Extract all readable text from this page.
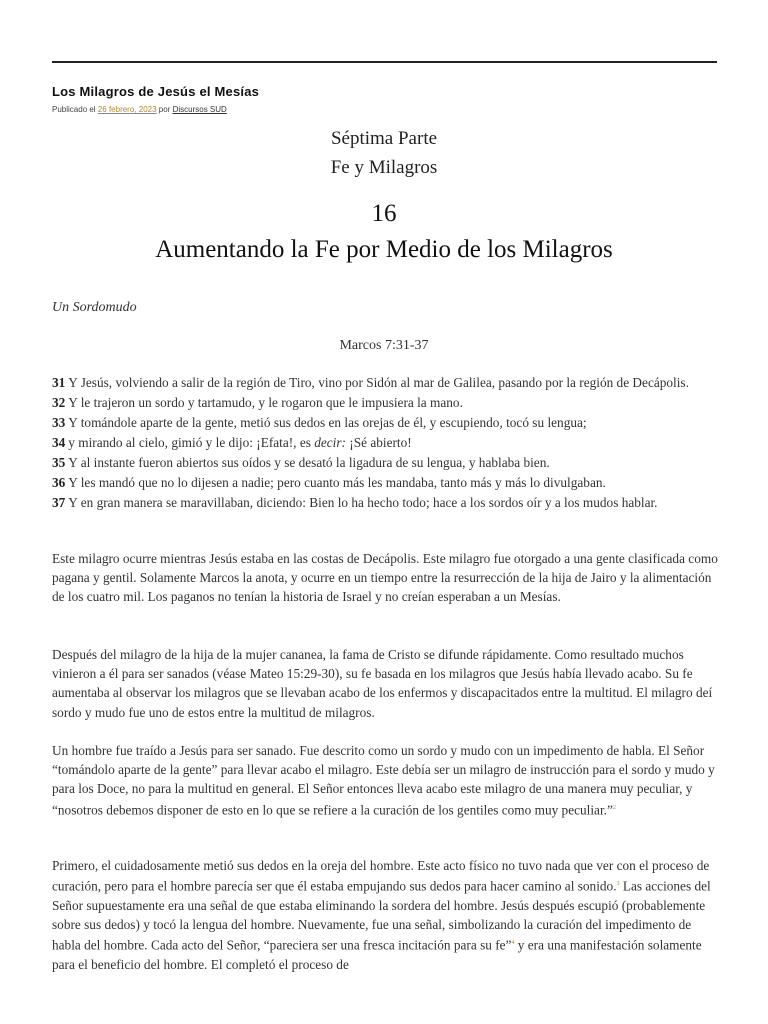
Los Milagros de Jesús el Mesías
Publicado el 26 febrero, 2023 por Discursos SUD

Séptima Parte

Fe y Milagros

16

Aumentando la Fe por Medio de los Milagros
Un Sordomudo
Marcos 7:31-37

31 Y Jesús, volviendo a salir de la región de Tiro, vino por Sidón al mar de Galilea, pasando por la región de Decápolis.

32 Y le trajeron un sordo y tartamudo, y le rogaron que le impusiera la mano.

33 Y tomándole aparte de la gente, metió sus dedos en las orejas de él, y escupiendo, tocó su lengua;

34 y mirando al cielo, gimió y le dijo: ¡Efata!, es decir: ¡Sé abierto!

35 Y al instante fueron abiertos sus oídos y se desató la ligadura de su lengua, y hablaba bien.

36 Y les mandó que no lo dijesen a nadie; pero cuanto más les mandaba, tanto más y más lo divulgaban.

37 Y en gran manera se maravillaban, diciendo: Bien lo ha hecho todo; hace a los sordos oír y a los mudos hablar.

Este milagro ocurre mientras Jesús estaba en las costas de Decápolis. Este milagro fue otorgado a una gente clasificada como pagana y gentil. Solamente Marcos la anota, y ocurre en un tiempo entre la resurrección de la hija de Jairo y la alimentación de los cuatro mil. Los paganos no tenían la historia de Israel y no creían esperaban a un Mesías.

Después del milagro de la hija de la mujer cananea, la fama de Cristo se difunde rápidamente. Como resultado muchos vinieron a él para ser sanados (véase Mateo 15:29-30), su fe basada en los milagros que Jesús había llevado acabo. Su fe aumentaba al observar los milagros que se llevaban acabo de los enfermos y discapacitados entre la multitud. El milagro deí sordo y mudo fue uno de estos entre la multitud de milagros.

Un hombre fue traído a Jesús para ser sanado. Fue descrito como un sordo y mudo con un impedimento de habla. El Señor “tomándolo aparte de la gente” para llevar acabo el milagro. Este debía ser un milagro de instrucción para el sordo y mudo y para los Doce, no para la multitud en general. El Señor entonces lleva acabo este milagro de una manera muy peculiar, y “nosotros debemos disponer de esto en lo que se refiere a la curación de los gentiles como muy peculiar.”$^2$

Primero, el cuidadosamente metió sus dedos en la oreja del hombre. Este acto físico no tuvo nada que ver con el proceso de curación, pero para el hombre parecía ser que él estaba empujando sus dedos para hacer camino al sonido.$^3$ Las acciones del Señor supuestamente era una señal de que estaba eliminando la sordera del hombre. Jesús después escupió (probablemente sobre sus dedos) y tocó la lengua del hombre. Nuevamente, fue una señal, simbolizando la curación del impedimento de habla del hombre. Cada acto del Señor, “pareciera ser una fresca incitación para su fe”$^4$ y era una manifestación solamente para el beneficio del hombre. El completó el proceso de
